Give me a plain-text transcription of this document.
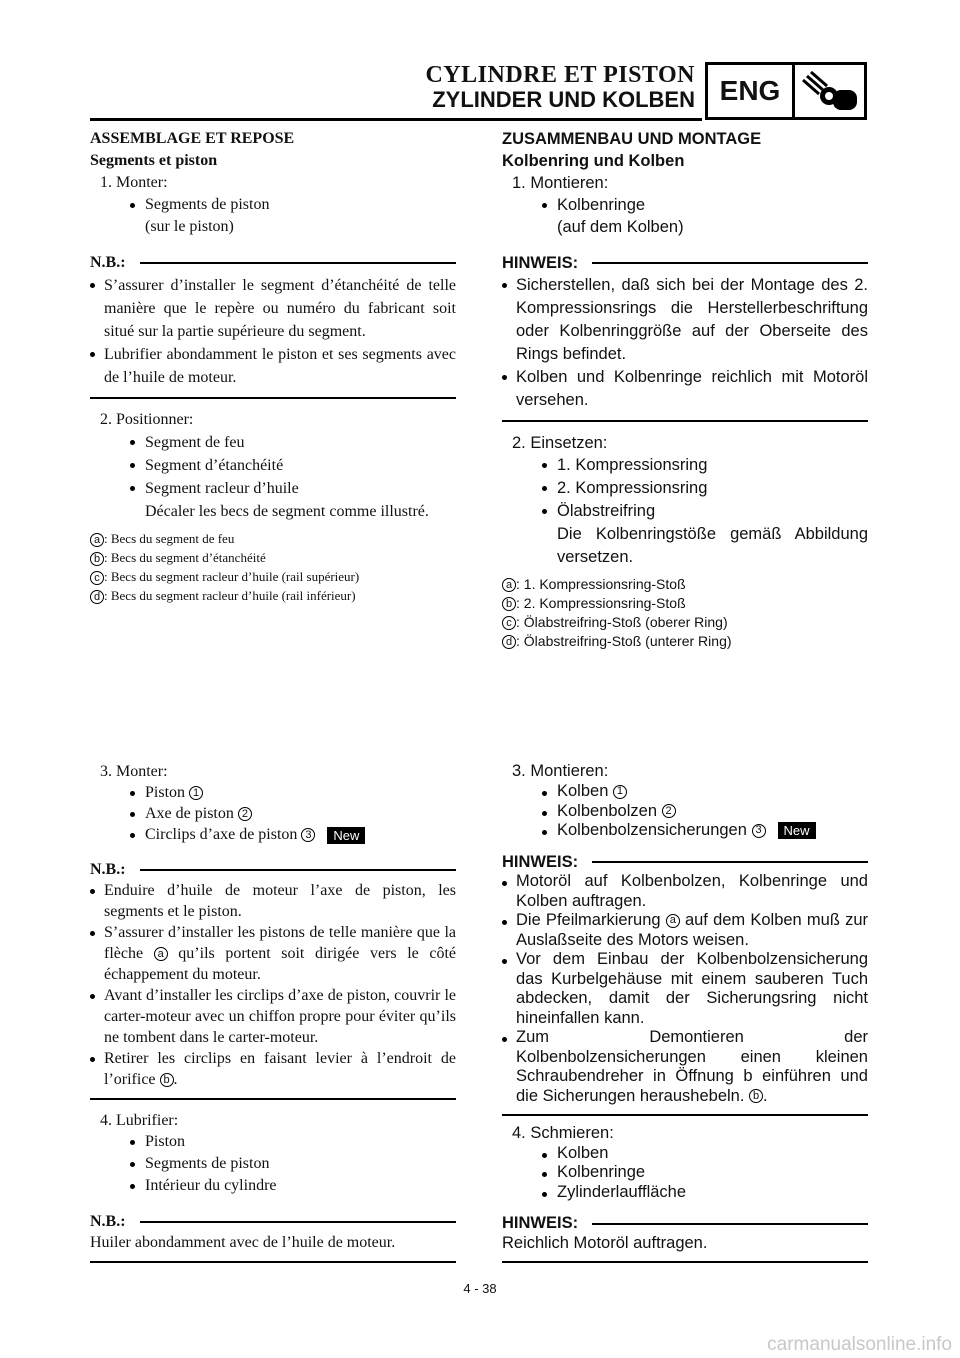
CYLINDRE ET PISTON
ZYLINDER UND KOLBEN ENG
ASSEMBLAGE ET REPOSE
Segments et piston
1. Monter:
Segments de piston
(sur le piston)
N.B.:
S’assurer d’installer le segment d’étanchéité de telle manière que le repère ou numéro du fabricant soit situé sur la partie supérieure du segment.
Lubrifier abondamment le piston et ses segments avec de l’huile de moteur.
2. Positionner:
Segment de feu
Segment d’étanchéité
Segment racleur d’huile
Décaler les becs de segment comme illustré.
a : Becs du segment de feu
b : Becs du segment d’étanchéité
c : Becs du segment racleur d’huile (rail supérieur)
d : Becs du segment racleur d’huile (rail inférieur)
ZUSAMMENBAU UND MONTAGE
Kolbenring und Kolben
1. Montieren:
Kolbenringe
(auf dem Kolben)
HINWEIS:
Sicherstellen, daß sich bei der Montage des 2. Kompressionsrings die Herstellerbeschriftung oder Kolbenringgröße auf der Oberseite des Rings befindet.
Kolben und Kolbenringe reichlich mit Motoröl versehen.
2. Einsetzen:
1. Kompressionsring
2. Kompressionsring
Ölabstreifring
Die Kolbenringstöße gemäß Abbildung versetzen.
a : 1. Kompressionsring-Stoß
b : 2. Kompressionsring-Stoß
c : Ölabstreifring-Stoß (oberer Ring)
d : Ölabstreifring-Stoß (unterer Ring)
3. Monter:
Piston 1
Axe de piston 2
Circlips d’axe de piston 3 New
N.B.:
Enduire d’huile de moteur l’axe de piston, les segments et le piston.
S’assurer d’installer les pistons de telle manière que la flèche a qu’ils portent soit dirigée vers le côté échappement du moteur.
Avant d’installer les circlips d’axe de piston, couvrir le carter-moteur avec un chiffon propre pour éviter qu’ils ne tombent dans le carter-moteur.
Retirer les circlips en faisant levier à l’endroit de l’orifice b .
4. Lubrifier:
Piston
Segments de piston
Intérieur du cylindre
N.B.:
Huiler abondamment avec de l’huile de moteur.
3. Montieren:
Kolben 1
Kolbenbolzen 2
Kolbenbolzensicherungen 3 New
HINWEIS:
Motoröl auf Kolbenbolzen, Kolbenringe und Kolben auftragen.
Die Pfeilmarkierung a auf dem Kolben muß zur Auslaßseite des Motors weisen.
Vor dem Einbau der Kolbenbolzensicherung das Kurbelgehäuse mit einem sauberen Tuch abdecken, damit der Sicherungsring nicht hineinfallen kann.
Zum Demontieren der Kolbenbolzensicherungen einen kleinen Schraubendreher in Öffnung b einführen und die Sicherungen heraushebeln. b .
4. Schmieren:
Kolben
Kolbenringe
Zylinderlauffläche
HINWEIS:
Reichlich Motoröl auftragen.
4 - 38
carmanualsonline.info
